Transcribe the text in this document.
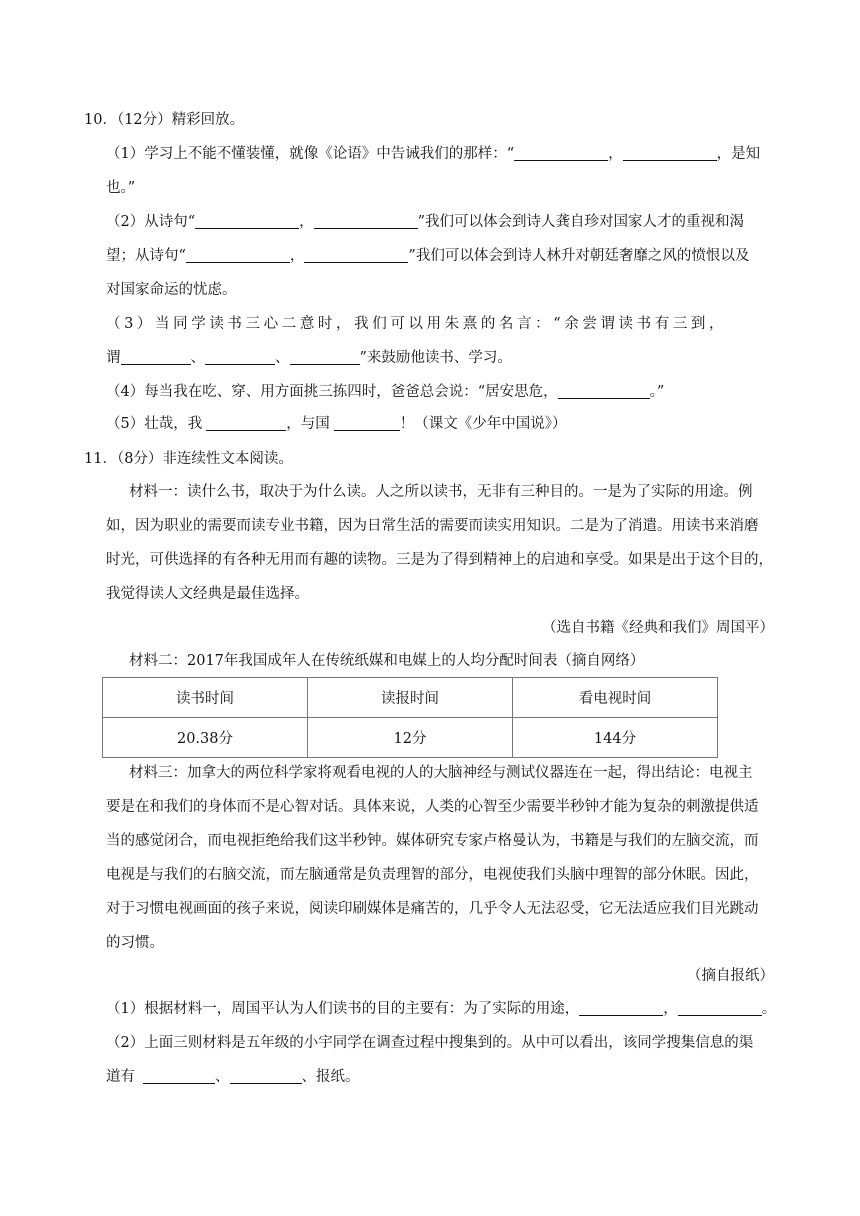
10．（12分）精彩回放。
（1）学习上不能不懂装懂，就像《论语》中告诫我们的那样：“	，	，是知
也。”
（2）从诗句“	，	”我们可以体会到诗人龚自珍对国家人才的重视和渴
望；从诗句“	，	”我们可以体会到诗人林升对朝廷奢靡之风的愤恨以及
对国家命运的忧虑。
（3）当同学读书三心二意时，我们可以用朱熹的名言：“余尝谓读书有三到，
谓	、	、	”来鼓励他读书、学习。
（4）每当我在吃、穿、用方面挑三拣四时，爸爸总会说：“居安思危，	。”
（5）壮哉，我	，与国	！（课文《少年中国说》）
11．（8分）非连续性文本阅读。
材料一：读什么书，取决于为什么读。人之所以读书，无非有三种目的。一是为了实际的用途。例
如，因为职业的需要而读专业书籍，因为日常生活的需要而读实用知识。二是为了消遣。用读书来消磨
时光，可供选择的有各种无用而有趣的读物。三是为了得到精神上的启迪和享受。如果是出于这个目的，
我觉得读人文经典是最佳选择。
（选自书籍《经典和我们》周国平）
材料二：2017年我国成年人在传统纸媒和电媒上的人均分配时间表（摘自网络）
读书时间	读报时间	看电视时间
20.38分	12分	144分
材料三：加拿大的两位科学家将观看电视的人的大脑神经与测试仪器连在一起，得出结论：电视主
要是在和我们的身体而不是心智对话。具体来说，人类的心智至少需要半秒钟才能为复杂的刺激提供适
当的感觉闭合，而电视拒绝给我们这半秒钟。媒体研究专家卢格曼认为，书籍是与我们的左脑交流，而
电视是与我们的右脑交流，而左脑通常是负责理智的部分，电视使我们头脑中理智的部分休眠。因此，
对于习惯电视画面的孩子来说，阅读印刷媒体是痛苦的，几乎令人无法忍受，它无法适应我们目光跳动
的习惯。
（摘自报纸）
（1）根据材料一，周国平认为人们读书的目的主要有：为了实际的用途，	，	。
（2）上面三则材料是五年级的小宇同学在调查过程中搜集到的。从中可以看出，该同学搜集信息的渠
道有	、	、报纸。
